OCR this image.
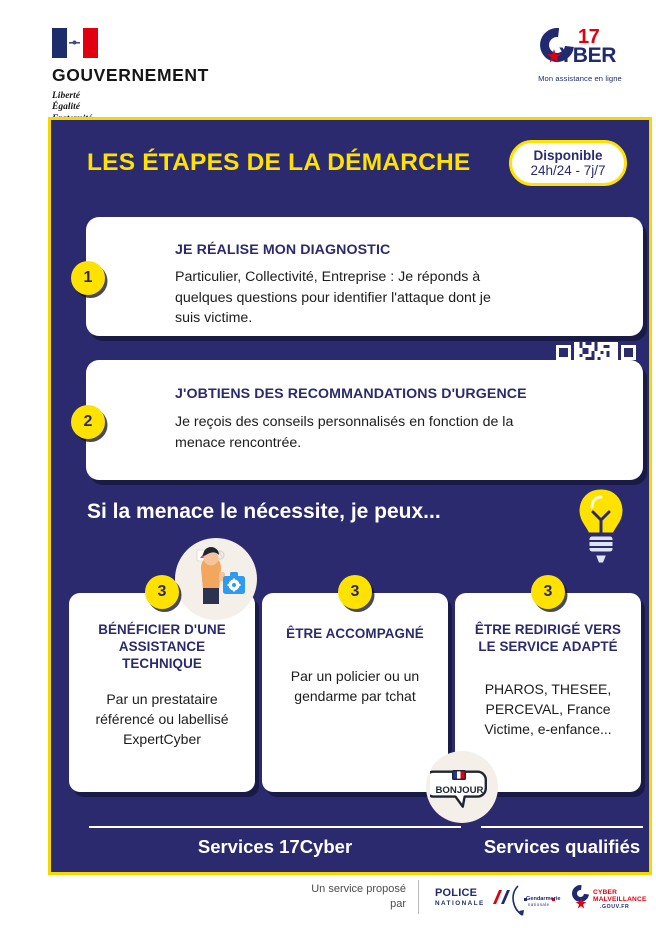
GOUVERNEMENT
Liberté
Égalité
17
YBER
Mon assistance en ligne
LES ÉTAPES DE LA DÉMARCHE	Disponible
24h/24 - 7j/7
1
JE RÉALISE MON DIAGNOSTIC
Particulier, Collectivité, Entreprise : Je réponds à quelques questions pour identifier l'attaque dont je suis victime.
2
J'OBTIENS DES RECOMMANDATIONS D'URGENCE
Je reçois des conseils personnalisés en fonction de la menace rencontrée.
Si la menace le nécessite, je peux...
BÉNÉFICIER D'UNE ASSISTANCE TECHNIQUE
Par un prestataire référencé ou labellisé ExpertCyber
ÊTRE ACCOMPAGNÉ
Par un policier ou un gendarme par tchat
ÊTRE REDIRIGÉ VERS LE SERVICE ADAPTÉ
PHAROS, THESEE, PERCEVAL, France Victime, e-enfance...
3	3	3
BONJOUR
Services 17Cyber	Services qualifiés
Un service proposé par
POLICE
NATIONALE
Gendarmerie
nationale
CYBER
MALVEILLANCE
.GOUV.FR
